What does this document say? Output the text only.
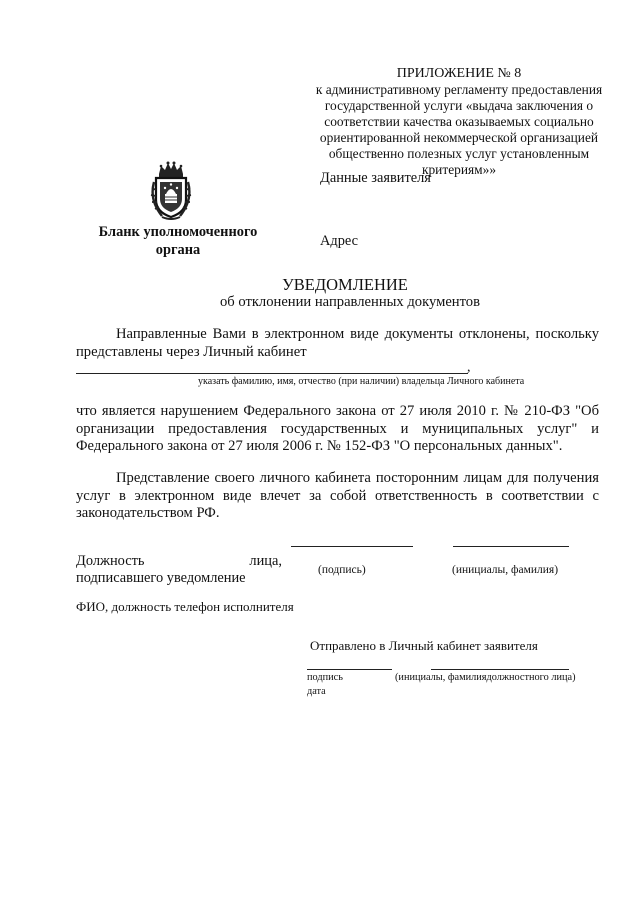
ПРИЛОЖЕНИЕ № 8
к административному регламенту предоставления
государственной услуги «выдача заключения о
соответствии качества оказываемых социально
ориентированной некоммерческой организацией
общественно полезных услуг установленным критериям»»
Бланк уполномоченного
органа
Данные заявителя
Адрес
УВЕДОМЛЕНИЕ
об отклонении направленных документов
Направленные Вами в электронном виде документы отклонены, поскольку представлены через Личный кабинет
,
указать фамилию, имя, отчество (при наличии) владельца Личного кабинета
что является нарушением Федерального закона от 27 июля 2010 г. № 210-ФЗ "Об организации предоставления государственных и муниципальных услуг" и Федерального закона от 27 июля 2006 г. № 152-ФЗ "О персональных данных".
Представление своего личного кабинета посторонним лицам для получения услуг в электронном виде влечет за собой ответственность в соответствии с законодательством РФ.
Должность лица,
подписавшего уведомление	(подпись)	(инициалы, фамилия)
ФИО, должность телефон исполнителя
Отправлено в Личный кабинет заявителя
подпись	(инициалы, фамилиядолжностного лица)
дата
